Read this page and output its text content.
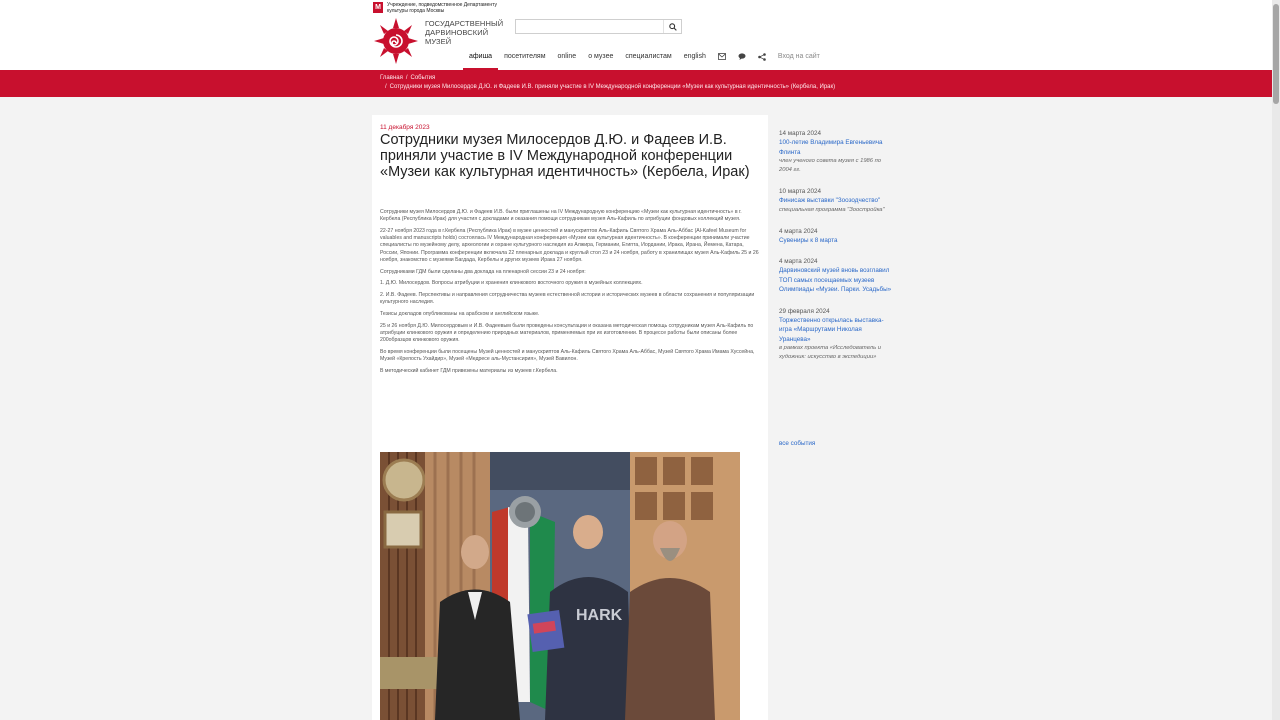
М	Учреждение, подведомственное Департаменту культуры города Москвы
ГОСУДАРСТВЕННЫЙ ДАРВИНОВСКИЙ МУЗЕЙ
афиша	посетителям	online	о музее	специалистам	english	Вход на сайт
Главная / События
/ Сотрудники музея Милосердов Д.Ю. и Фадеев И.В. приняли участие в IV Международной конференции «Музеи как культурная идентичность» (Кербела, Ирак)
11 декабря 2023
Сотрудники музея Милосердов Д.Ю. и Фадеев И.В. приняли участие в IV Международной конференции «Музеи как культурная идентичность» (Кербела, Ирак)

Сотрудники музея Милосердов Д.Ю. и Фадеев И.В. были приглашены на IV Международную конференцию «Музеи как культурная идентичность» в г. Кербела (Республика Ирак) для участия с докладами и оказания помощи сотрудникам музея Аль-Кафиль по атрибуции фондовых коллекций музея.

22-27 ноября 2023 года в г.Кербела (Республика Ирак) в музее ценностей и манускриптов Аль-Кафиль Святого Храма Аль-Аббас (Al-Kafeel Museum for valuables and manuscripts holds) состоялась IV Международная конференция «Музеи как культурная идентичность». В конференции принимали участие специалисты по музейному делу, археологии и охране культурного наследия из Алжира, Германии, Египта, Иордании, Ирака, Ирана, Йемена, Катара, России, Японии. Программа конференции включала 22 пленарных доклада и круглый стол 23 и 24 ноября, работу в хранилищах музея Аль-Кафиль 25 и 26 ноября, знакомство с музеями Багдада, Кербелы и других музеев Ирака 27 ноября.

Сотрудниками ГДМ были сделаны два доклада на пленарной сессии 23 и 24 ноября:

1. Д.Ю. Милосердов. Вопросы атрибуции и хранения клинкового восточного оружия в музейных коллекциях.

2. И.В. Фадеев. Перспективы и направления сотрудничества музеев естественной истории и исторических музеев в области сохранения и популяризации культурного наследия.

Тезисы докладов опубликованы на арабском и английском языке.

25 и 26 ноября Д.Ю. Милосердовым и И.В. Фадеевым были проведены консультации и оказана методическая помощь сотрудникам музея Аль-Кафиль по атрибуции клинкового оружия и определению природных материалов, применяемых при их изготовлении. В процессе работы были описаны более 200образцов клинкового оружия.

Во время конференции были посещены Музей ценностей и манускриптов Аль-Кафиль Святого Храма Аль-Аббас, Музей Святого Храма Имама Хуссейна, Музей «Крепость Ухайдир», Музей «Медресе аль-Мустансирия», Музей Вавилон.

В методический кабинет ГДМ привезены материалы из музеев г.Кербела.

HARK
14 марта 2024
100-летие Владимира Евгеньевича Флинта
член ученого совета музея с 1986 по 2004 гг.
10 марта 2024
Финисаж выставки "Зоозодчество"
специальная программа "Зоостройка"
4 марта 2024
Сувениры к 8 марта
4 марта 2024
Дарвиновский музей вновь возглавил ТОП самых посещаемых музеев Олимпиады «Музеи. Парки. Усадьбы»
29 февраля 2024
Торжественно открылась выставка-игра «Маршрутами Николая Уранцева»
в рамках проекта «Исследователь и художник: искусство в экспедиции»
все события
